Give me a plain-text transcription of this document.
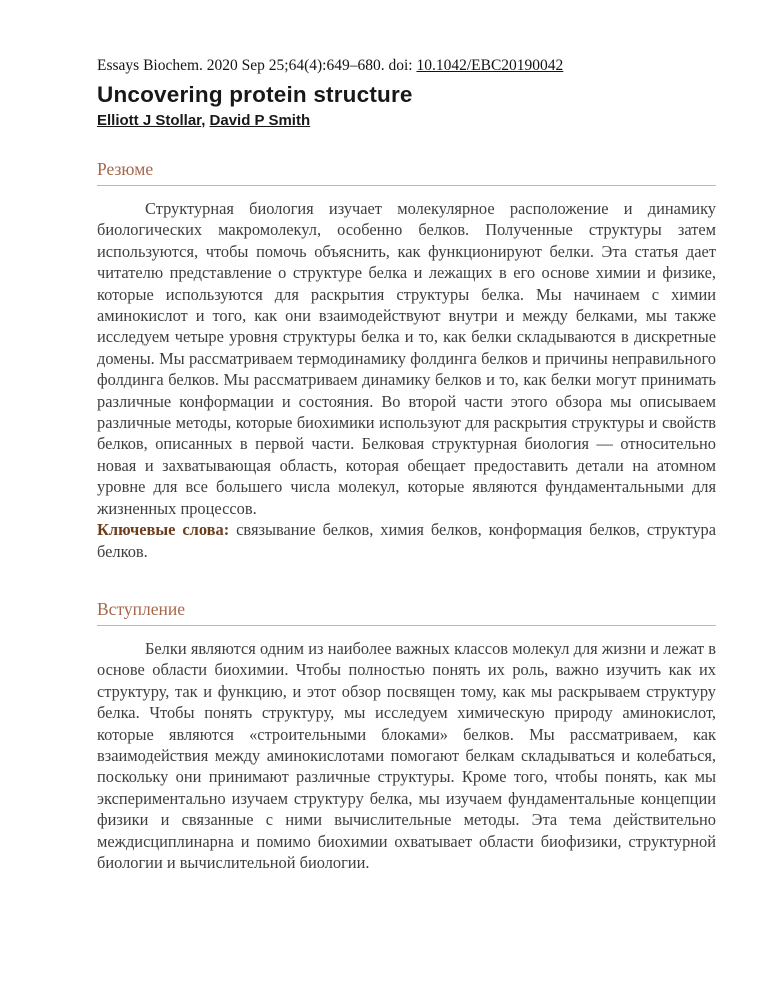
Essays Biochem. 2020 Sep 25;64(4):649–680. doi: 10.1042/EBC20190042
Uncovering protein structure
Elliott J Stollar, David P Smith
Резюме

Структурная биология изучает молекулярное расположение и динамику биологических макромолекул, особенно белков. Полученные структуры затем используются, чтобы помочь объяснить, как функционируют белки. Эта статья дает читателю представление о структуре белка и лежащих в его основе химии и физике, которые используются для раскрытия структуры белка. Мы начинаем с химии аминокислот и того, как они взаимодействуют внутри и между белками, мы также исследуем четыре уровня структуры белка и то, как белки складываются в дискретные домены. Мы рассматриваем термодинамику фолдинга белков и причины неправильного фолдинга белков. Мы рассматриваем динамику белков и то, как белки могут принимать различные конформации и состояния. Во второй части этого обзора мы описываем различные методы, которые биохимики используют для раскрытия структуры и свойств белков, описанных в первой части. Белковая структурная биология — относительно новая и захватывающая область, которая обещает предоставить детали на атомном уровне для все большего числа молекул, которые являются фундаментальными для жизненных процессов.

Ключевые слова: связывание белков, химия белков, конформация белков, структура белков.

Вступление

Белки являются одним из наиболее важных классов молекул для жизни и лежат в основе области биохимии. Чтобы полностью понять их роль, важно изучить как их структуру, так и функцию, и этот обзор посвящен тому, как мы раскрываем структуру белка. Чтобы понять структуру, мы исследуем химическую природу аминокислот, которые являются «строительными блоками» белков. Мы рассматриваем, как взаимодействия между аминокислотами помогают белкам складываться и колебаться, поскольку они принимают различные структуры. Кроме того, чтобы понять, как мы экспериментально изучаем структуру белка, мы изучаем фундаментальные концепции физики и связанные с ними вычислительные методы. Эта тема действительно междисциплинарна и помимо биохимии охватывает области биофизики, структурной биологии и вычислительной биологии.
